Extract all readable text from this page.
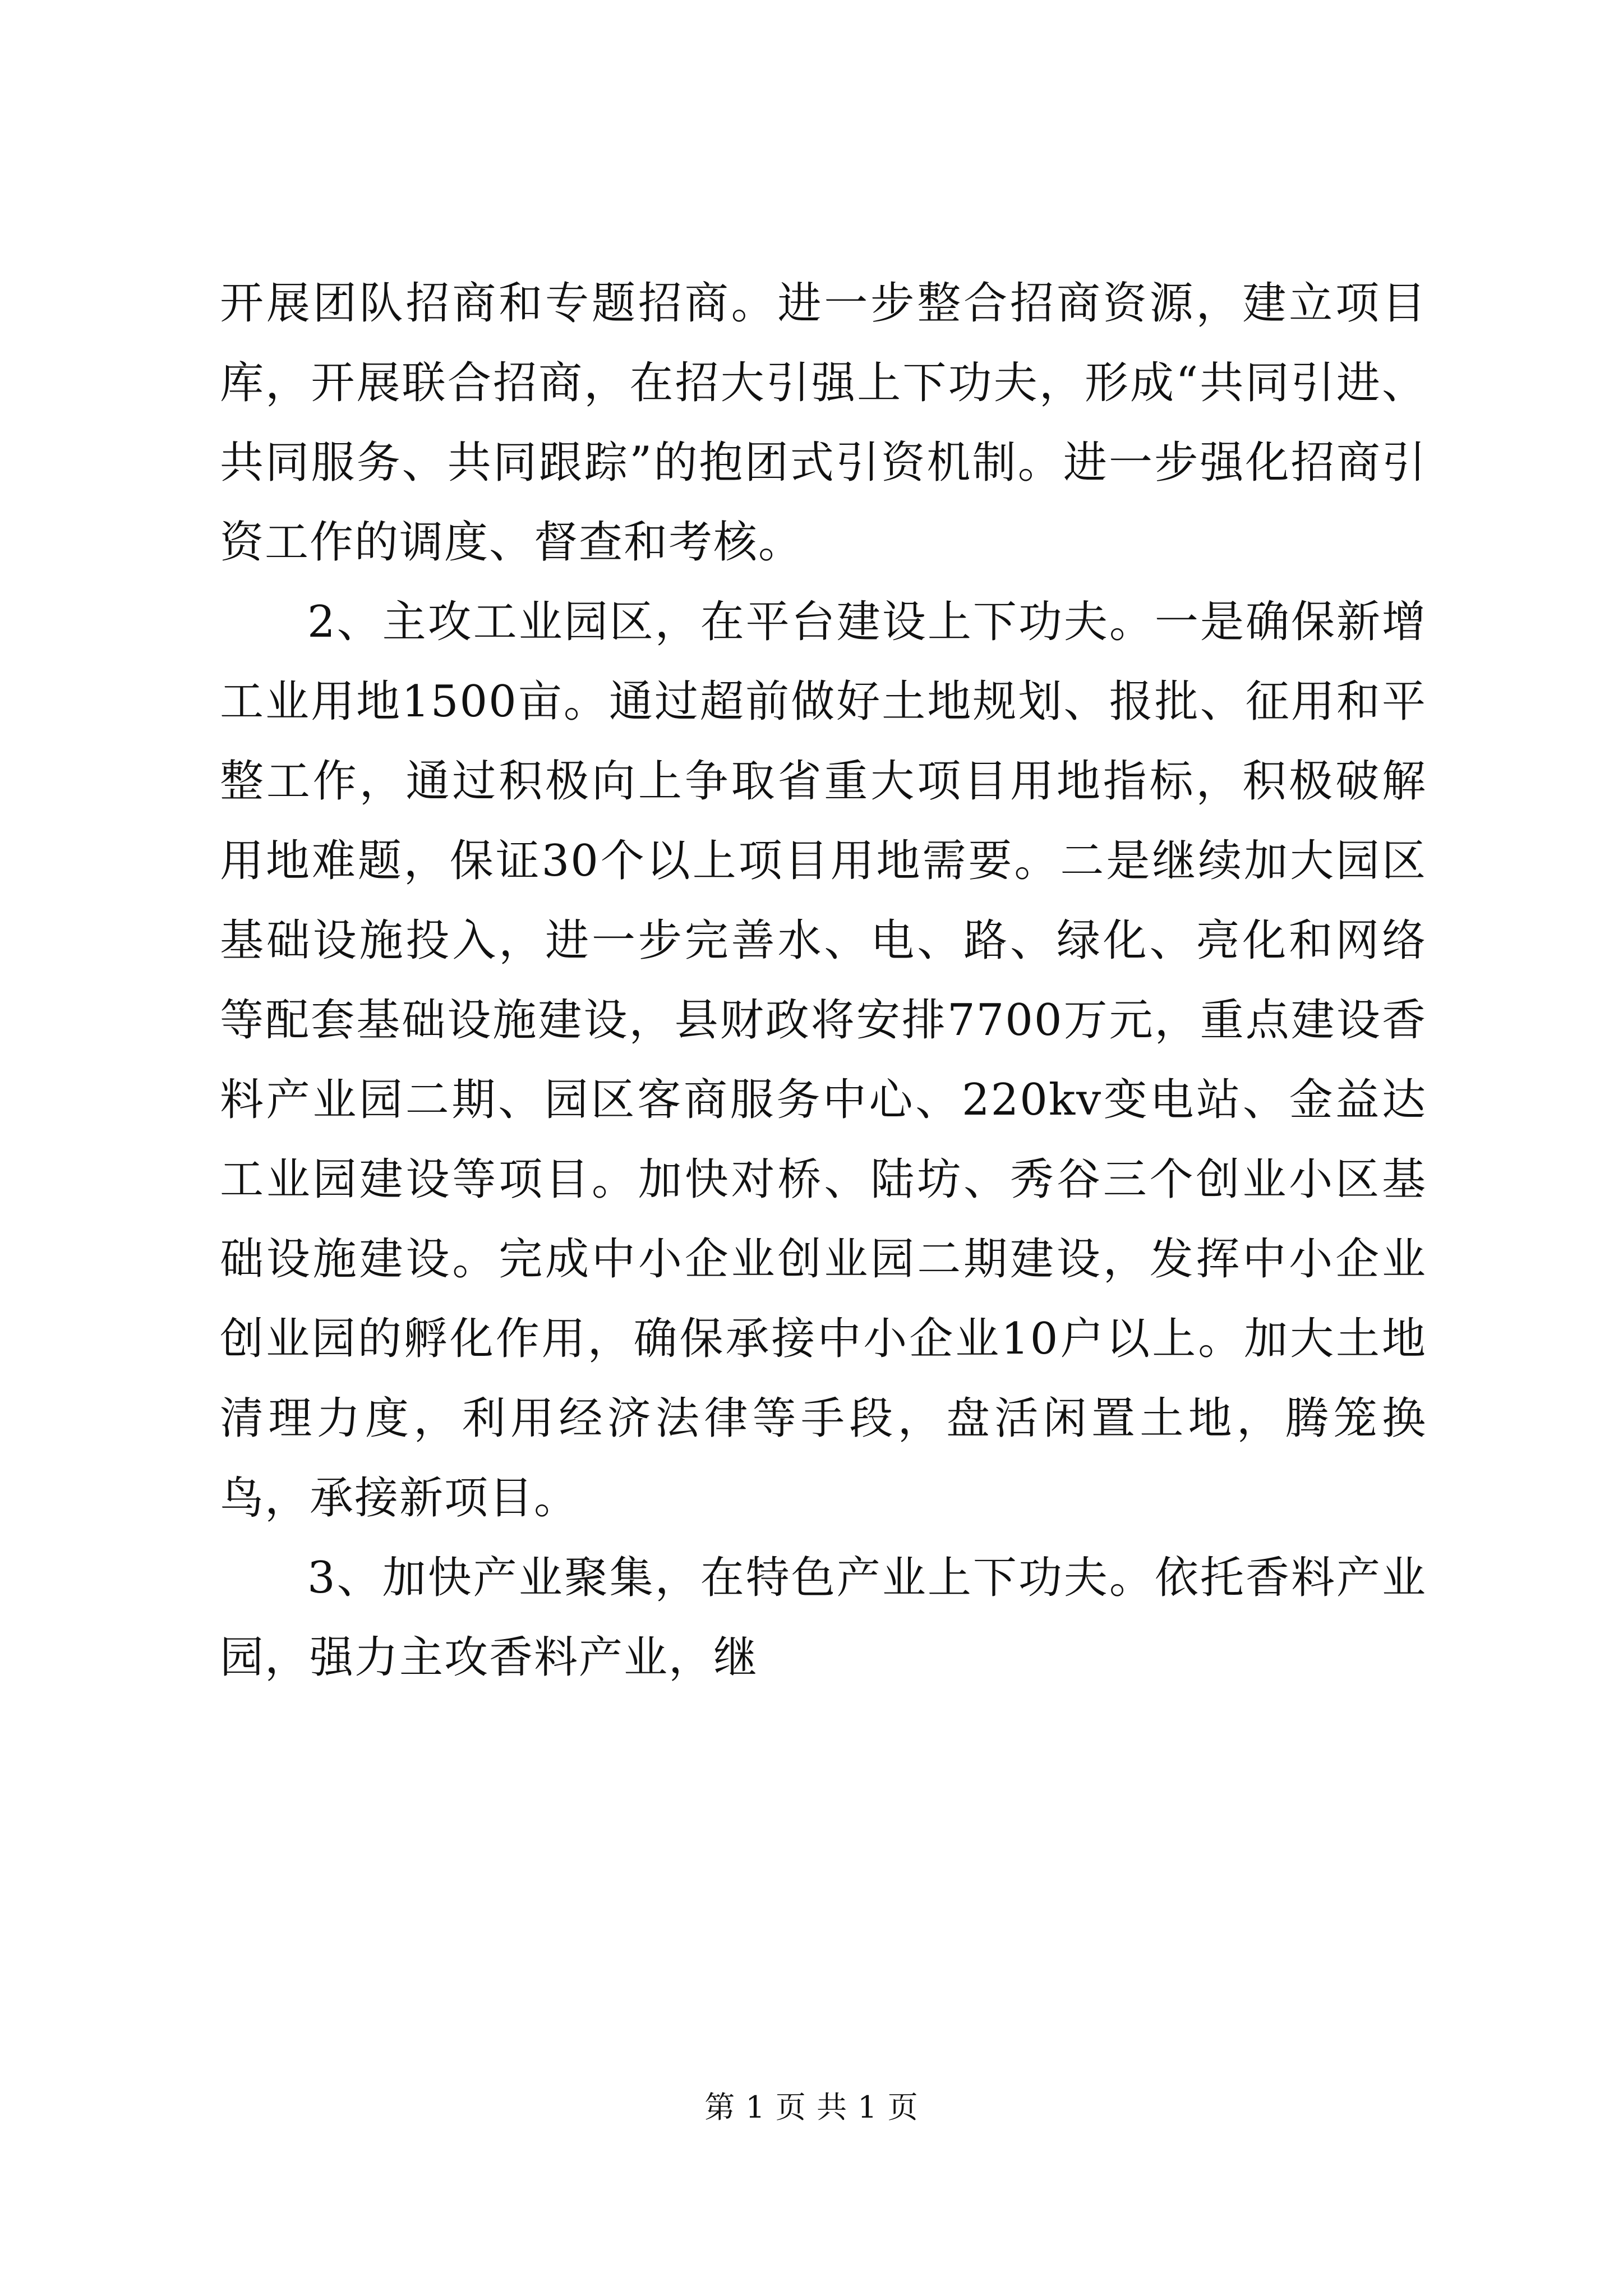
开展团队招商和专题招商。进一步整合招商资源，建立项目库，开展联合招商，在招大引强上下功夫，形成“共同引进、共同服务、共同跟踪”的抱团式引资机制。进一步强化招商引资工作的调度、督查和考核。

2、主攻工业园区，在平台建设上下功夫。一是确保新增工业用地1500亩。通过超前做好土地规划、报批、征用和平整工作，通过积极向上争取省重大项目用地指标，积极破解用地难题，保证30个以上项目用地需要。二是继续加大园区基础设施投入，进一步完善水、电、路、绿化、亮化和网络等配套基础设施建设，县财政将安排7700万元，重点建设香料产业园二期、园区客商服务中心、220kv变电站、金益达工业园建设等项目。加快对桥、陆坊、秀谷三个创业小区基础设施建设。完成中小企业创业园二期建设，发挥中小企业创业园的孵化作用，确保承接中小企业10户以上。加大土地清理力度，利用经济法律等手段，盘活闲置土地，腾笼换鸟，承接新项目。

3、加快产业聚集，在特色产业上下功夫。依托香料产业园，强力主攻香料产业，继

第 1 页 共 1 页
